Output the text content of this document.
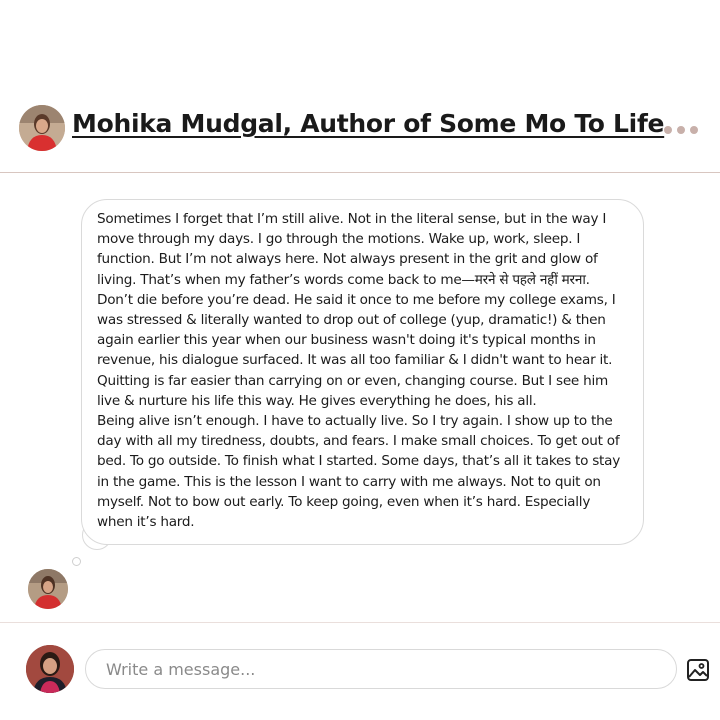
Mohika Mudgal, Author of Some Mo To Life
Sometimes I forget that I’m still alive. Not in the literal sense, but in the way I move through my days. I go through the motions. Wake up, work, sleep. I function. But I’m not always here. Not always present in the grit and glow of living. That’s when my father’s words come back to me—मरने से पहले नहीं मरना. Don’t die before you’re dead. He said it once to me before my college exams, I was stressed & literally wanted to drop out of college (yup, dramatic!) & then again earlier this year when our business wasn't doing it's typical months in revenue, his dialogue surfaced. It was all too familiar & I didn't want to hear it. Quitting is far easier than carrying on or even, changing course. But I see him live & nurture his life this way. He gives everything he does, his all.
Being alive isn’t enough. I have to actually live. So I try again. I show up to the day with all my tiredness, doubts, and fears. I make small choices. To get out of bed. To go outside. To finish what I started. Some days, that’s all it takes to stay in the game. This is the lesson I want to carry with me always. Not to quit on myself. Not to bow out early. To keep going, even when it’s hard. Especially when it’s hard.
Write a message...
